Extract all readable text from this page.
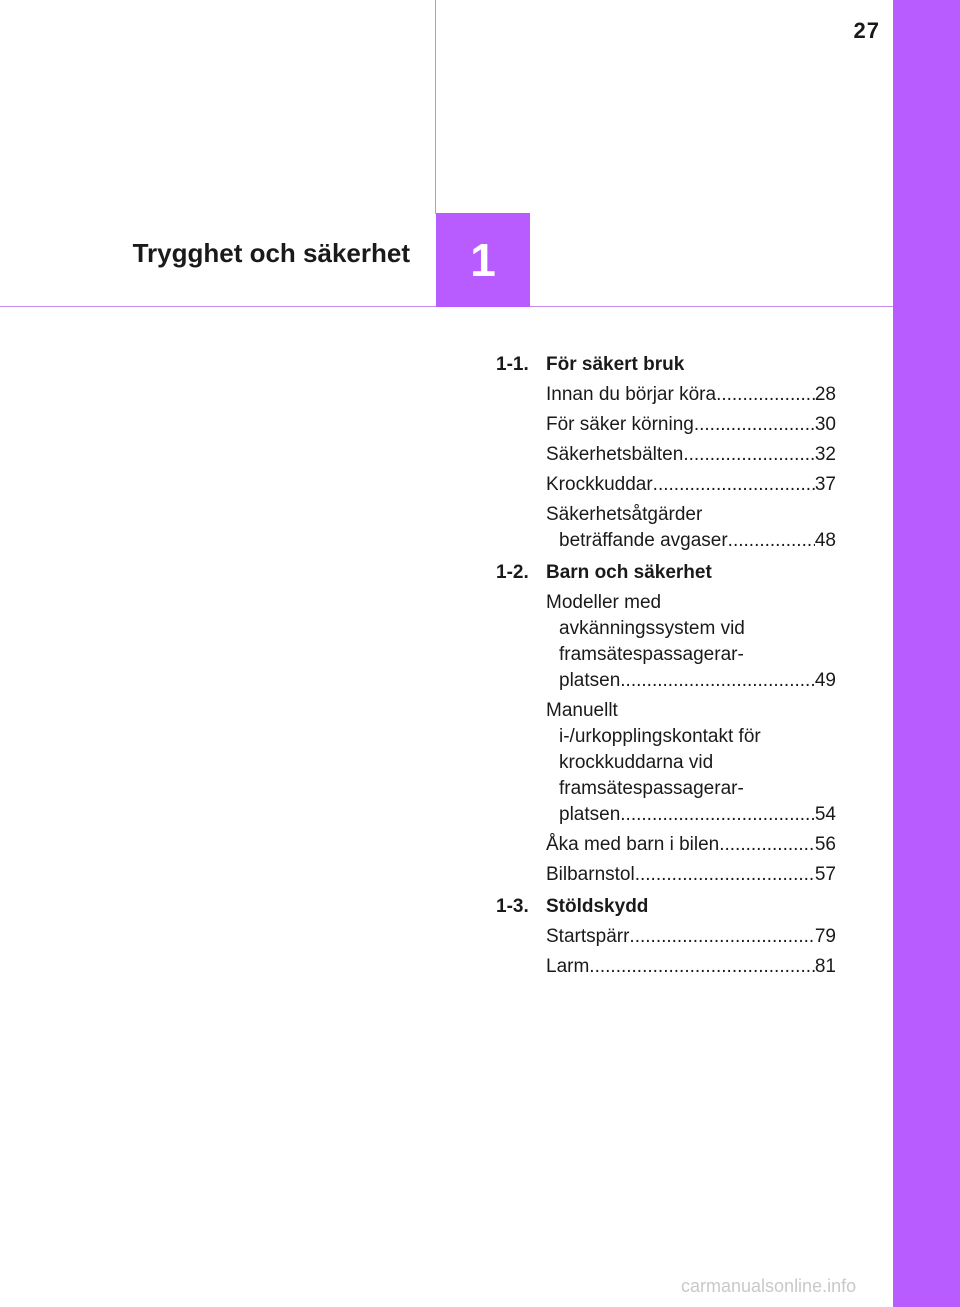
27
1
Trygghet och säkerhet
1-1. För säkert bruk
Innan du börjar köra .....	28
För säker körning .....	30
Säkerhetsbälten .....	32
Krockkuddar .....	37
Säkerhetsåtgärder
beträffande avgaser .....	48
1-2. Barn och säkerhet
Modeller med
avkänningssystem vid
framsätespassagerar-
platsen .....	49
Manuellt
i-/urkopplingskontakt för
krockkuddarna vid
framsätespassagerar-
platsen .....	54
Åka med barn i bilen .....	56
Bilbarnstol .....	57
1-3. Stöldskydd
Startspärr .....	79
Larm .....	81
carmanualsonline.info
